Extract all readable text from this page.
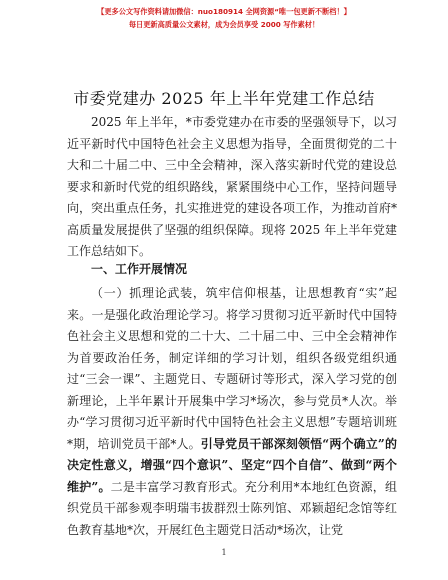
【更多公文写作资料请加微信：nuo180914 全网资源“唯一包更新不断档！】
每日更新高质量公文素材，成为会员享受 2000 写作素材！
市委党建办 2025 年上半年党建工作总结

2025 年上半年，*市委党建办在市委的坚强领导下，以习近平新时代中国特色社会主义思想为指导，全面贯彻党的二十大和二十届二中、三中全会精神，深入落实新时代党的建设总要求和新时代党的组织路线，紧紧围绕中心工作，坚持问题导向，突出重点任务，扎实推进党的建设各项工作，为推动首府*高质量发展提供了坚强的组织保障。现将 2025 年上半年党建工作总结如下。

一、工作开展情况

（一）抓理论武装，筑牢信仰根基，让思想教育“实”起来。一是强化政治理论学习。将学习贯彻习近平新时代中国特色社会主义思想和党的二十大、二十届二中、三中全会精神作为首要政治任务，制定详细的学习计划，组织各级党组织通过“三会一课”、主题党日、专题研讨等形式，深入学习党的创新理论，上半年累计开展集中学习*场次，参与党员*人次。举办“学习贯彻习近平新时代中国特色社会主义思想”专题培训班*期，培训党员干部*人。引导党员干部深刻领悟“两个确立”的决定性意义，增强“四个意识”、坚定“四个自信”、做到“两个维护”。二是丰富学习教育形式。充分利用*本地红色资源，组织党员干部参观李明瑞韦拔群烈士陈列馆、邓颖超纪念馆等红色教育基地*次，开展红色主题党日活动*场次，让党

1
